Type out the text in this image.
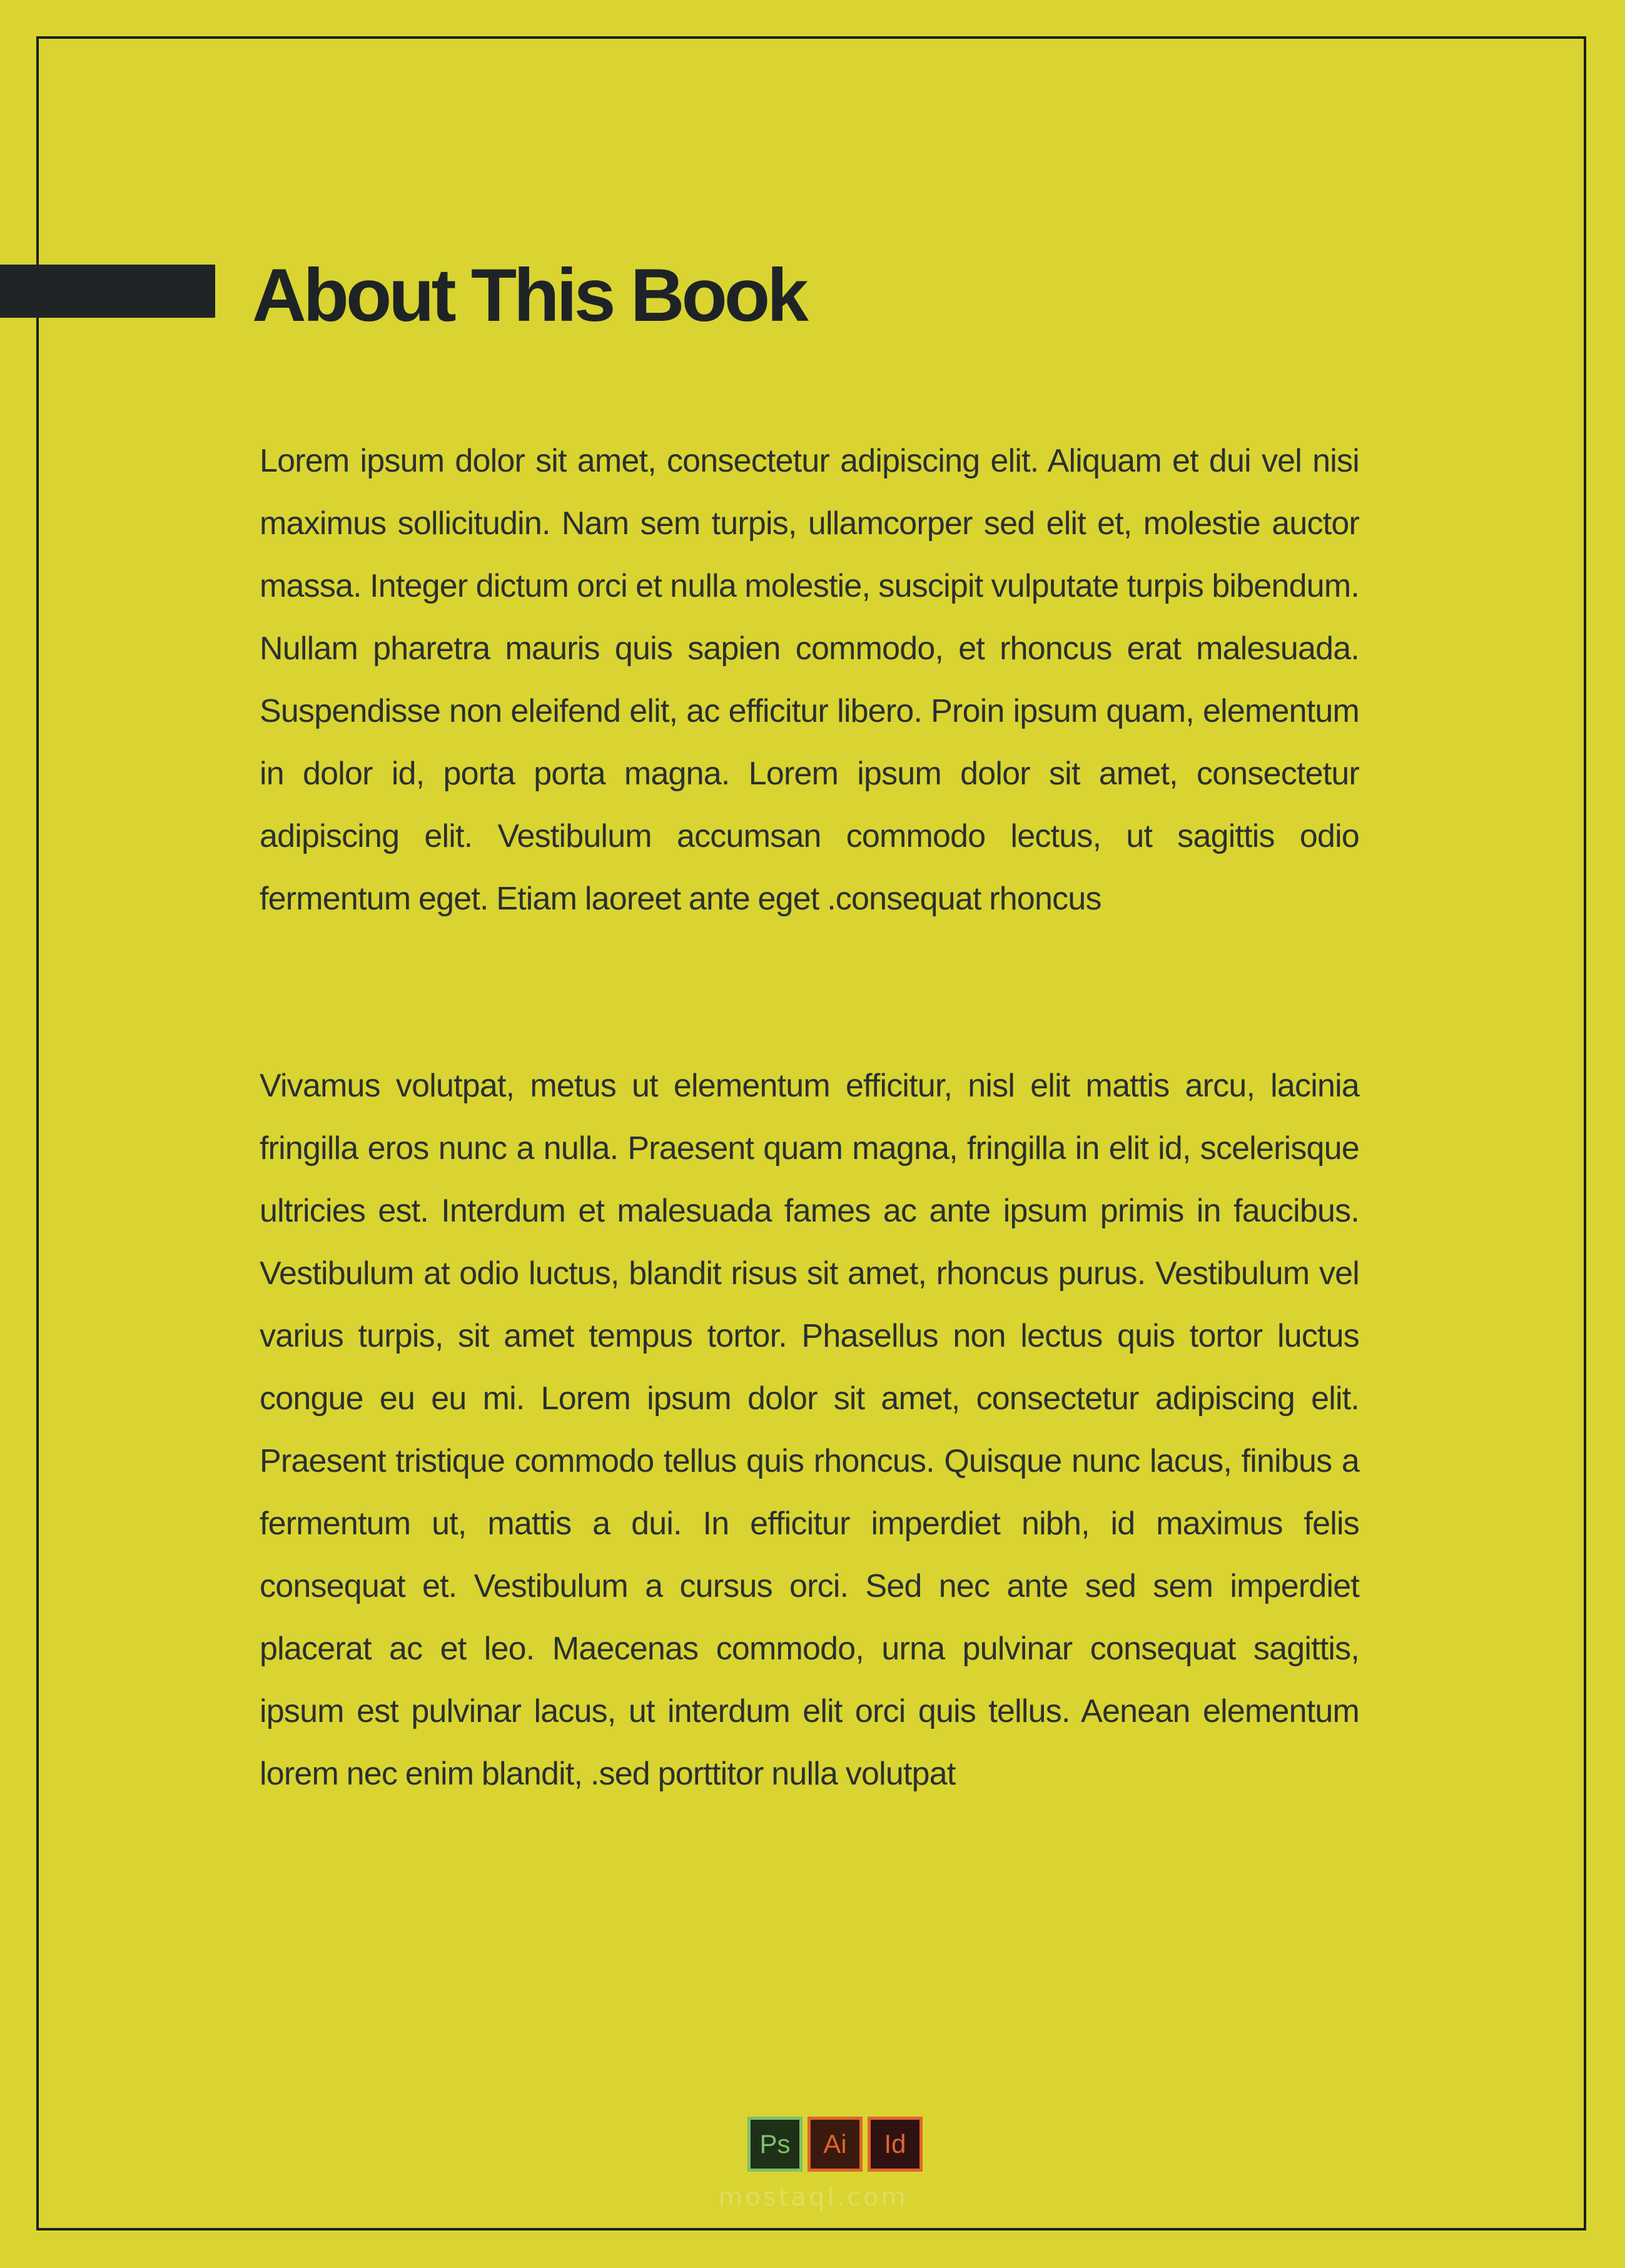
About This Book

Lorem ipsum dolor sit amet, consectetur adipiscing elit. Aliquam et dui vel nisi maximus sollicitudin. Nam sem turpis, ullamcorper sed elit et, molestie auctor massa. Integer dictum orci et nulla molestie, suscipit vulputate turpis bibendum. Nullam pharetra mauris quis sapien commodo, et rhoncus erat malesuada. Suspendisse non eleifend elit, ac efficitur libero. Proin ipsum quam, elementum in dolor id, porta porta magna. Lorem ipsum dolor sit amet, consectetur adipiscing elit. Vestibulum accumsan commodo lectus, ut sagittis odio fermentum eget. Etiam laoreet ante eget .consequat rhoncus

Vivamus volutpat, metus ut elementum efficitur, nisl elit mattis arcu, lacinia fringilla eros nunc a nulla. Praesent quam magna, fringilla in elit id, scelerisque ultricies est. Interdum et malesuada fames ac ante ipsum primis in faucibus. Vestibulum at odio luctus, blandit risus sit amet, rhoncus purus. Vestibulum vel varius turpis, sit amet tempus tortor. Phasellus non lectus quis tortor luctus congue eu eu mi. Lorem ipsum dolor sit amet, consectetur adipiscing elit. Praesent tristique commodo tellus quis rhoncus. Quisque nunc lacus, finibus a fermentum ut, mattis a dui. In efficitur imperdiet nibh, id maximus felis consequat et. Vestibulum a cursus orci. Sed nec ante sed sem imperdiet placerat ac et leo. Maecenas commodo, urna pulvinar consequat sagittis, ipsum est pulvinar lacus, ut interdum elit orci quis tellus. Aenean elementum lorem nec enim blandit, .sed porttitor nulla volutpat

Ps	Ai	Id
mostaql.com
